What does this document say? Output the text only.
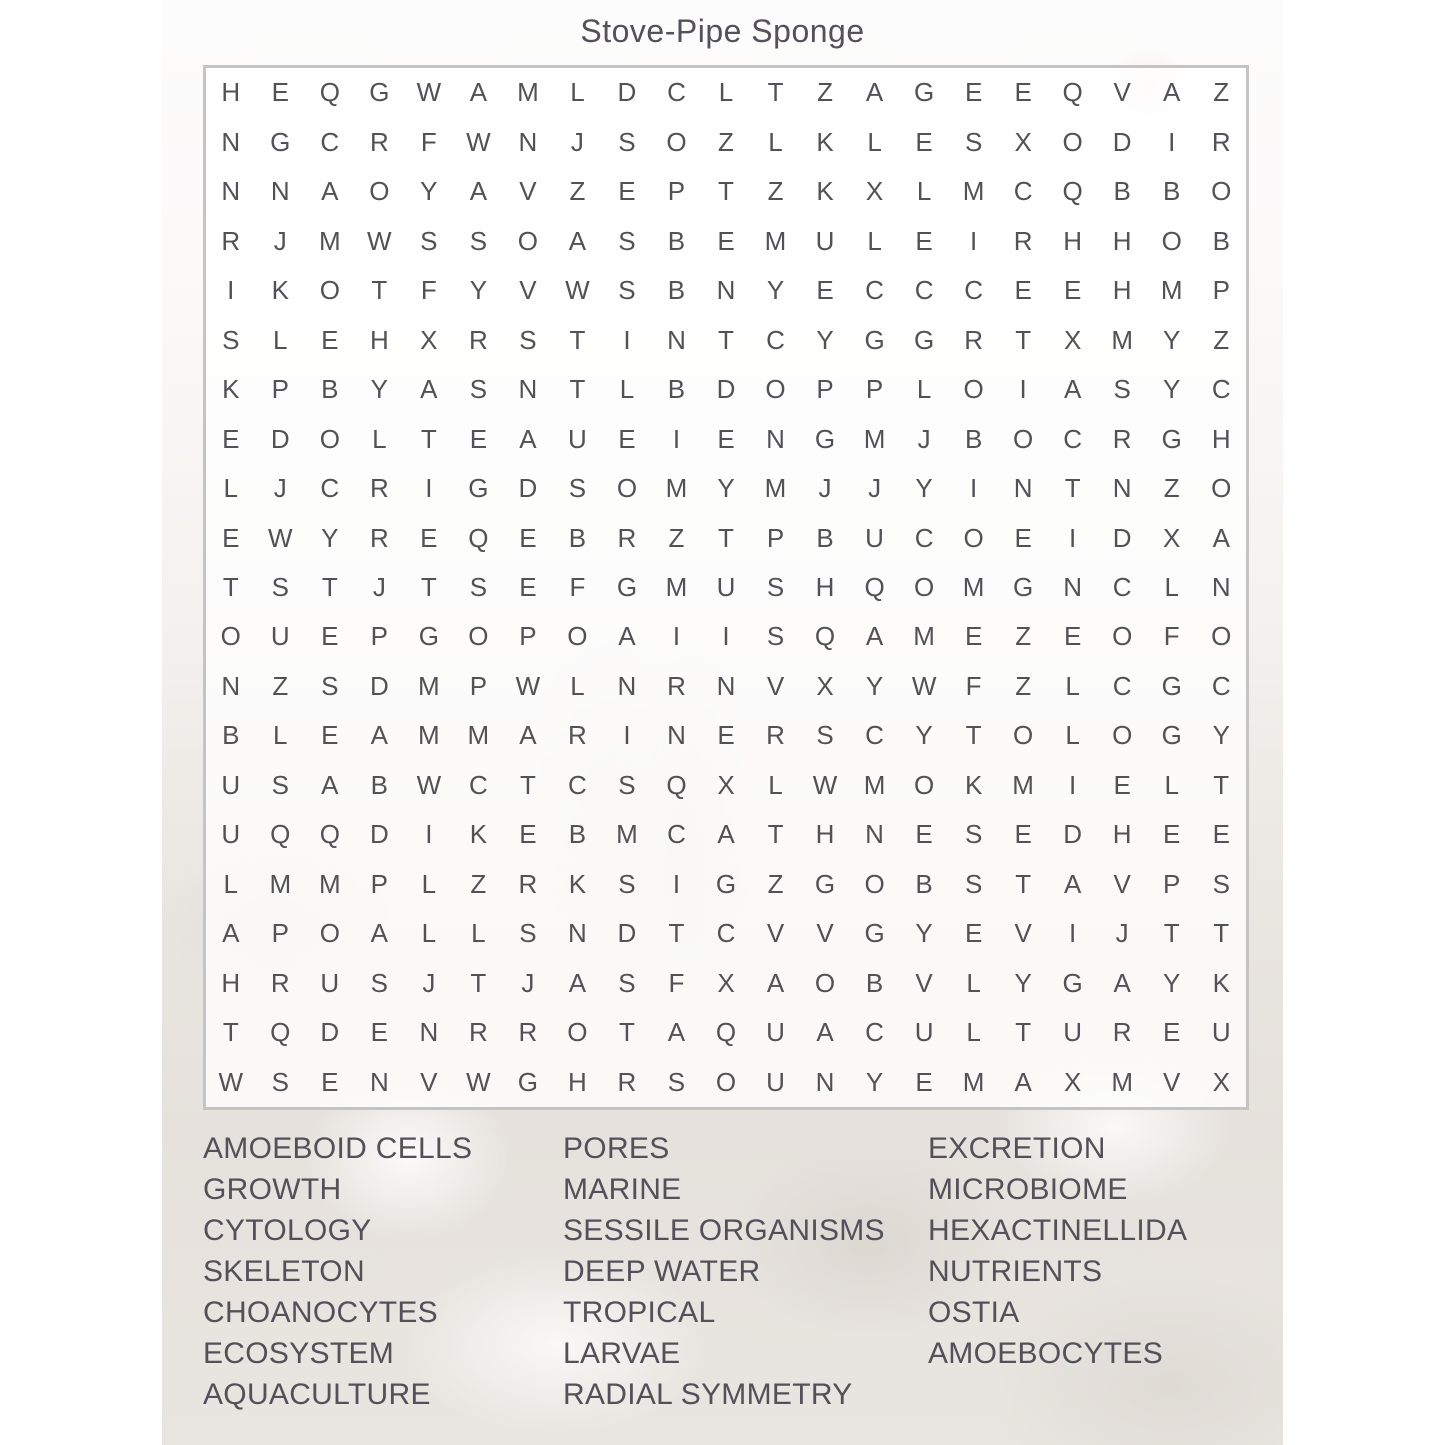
Stove-Pipe Sponge
H	E	Q	G	W	A	M	L	D	C	L	T	Z	A	G	E	E	Q	V	A	Z
N	G	C	R	F	W	N	J	S	O	Z	L	K	L	E	S	X	O	D	I	R
N	N	A	O	Y	A	V	Z	E	P	T	Z	K	X	L	M	C	Q	B	B	O
R	J	M	W	S	S	O	A	S	B	E	M	U	L	E	I	R	H	H	O	B
I	K	O	T	F	Y	V	W	S	B	N	Y	E	C	C	C	E	E	H	M	P
S	L	E	H	X	R	S	T	I	N	T	C	Y	G	G	R	T	X	M	Y	Z
K	P	B	Y	A	S	N	T	L	B	D	O	P	P	L	O	I	A	S	Y	C
E	D	O	L	T	E	A	U	E	I	E	N	G	M	J	B	O	C	R	G	H
L	J	C	R	I	G	D	S	O	M	Y	M	J	J	Y	I	N	T	N	Z	O
E	W	Y	R	E	Q	E	B	R	Z	T	P	B	U	C	O	E	I	D	X	A
T	S	T	J	T	S	E	F	G	M	U	S	H	Q	O	M	G	N	C	L	N
O	U	E	P	G	O	P	O	A	I	I	S	Q	A	M	E	Z	E	O	F	O
N	Z	S	D	M	P	W	L	N	R	N	V	X	Y	W	F	Z	L	C	G	C
B	L	E	A	M	M	A	R	I	N	E	R	S	C	Y	T	O	L	O	G	Y
U	S	A	B	W	C	T	C	S	Q	X	L	W	M	O	K	M	I	E	L	T
U	Q	Q	D	I	K	E	B	M	C	A	T	H	N	E	S	E	D	H	E	E
L	M	M	P	L	Z	R	K	S	I	G	Z	G	O	B	S	T	A	V	P	S
A	P	O	A	L	L	S	N	D	T	C	V	V	G	Y	E	V	I	J	T	T
H	R	U	S	J	T	J	A	S	F	X	A	O	B	V	L	Y	G	A	Y	K
T	Q	D	E	N	R	R	O	T	A	Q	U	A	C	U	L	T	U	R	E	U
W	S	E	N	V	W	G	H	R	S	O	U	N	Y	E	M	A	X	M	V	X
AMOEBOID CELLS
GROWTH
CYTOLOGY
SKELETON
CHOANOCYTES
ECOSYSTEM
AQUACULTURE
PORES
MARINE
SESSILE ORGANISMS
DEEP WATER
TROPICAL
LARVAE
RADIAL SYMMETRY
EXCRETION
MICROBIOME
HEXACTINELLIDA
NUTRIENTS
OSTIA
AMOEBOCYTES
